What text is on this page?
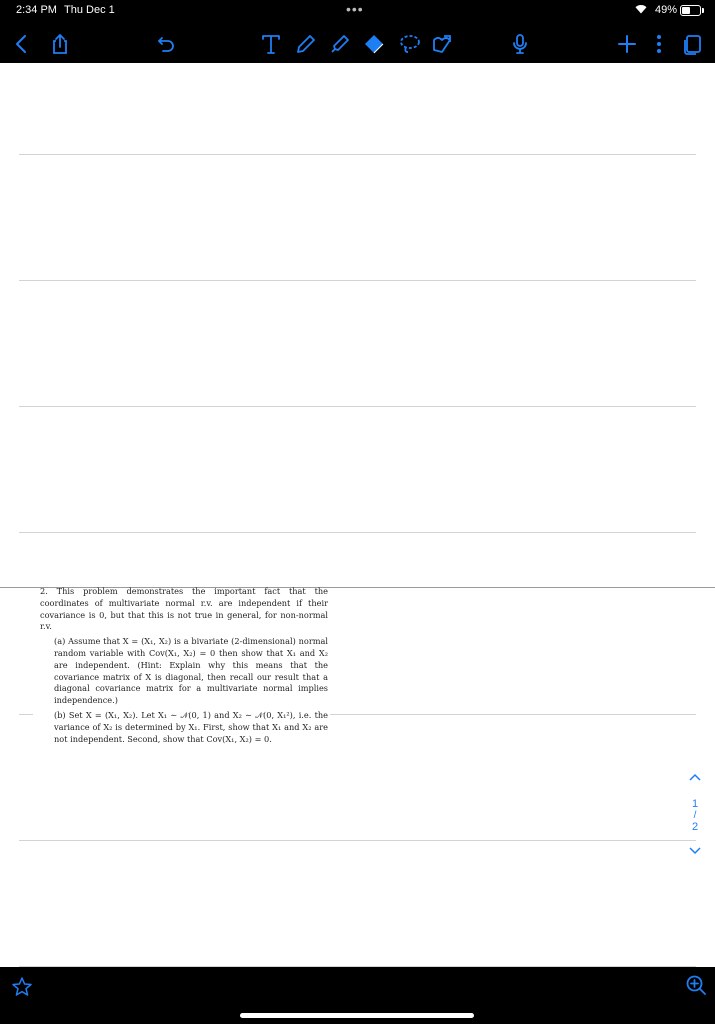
2:34 PM Thu Dec 1	•••	49%

2. This problem demonstrates the important fact that the coordinates of multivariate normal r.v. are independent if their covariance is 0, but that this is not true in general, for non-normal r.v.

(a) Assume that X = (X₁, X₂) is a bivariate (2-dimensional) normal random variable with Cov(X₁, X₂) = 0 then show that X₁ and X₂ are independent. (Hint: Explain why this means that the covariance matrix of X is diagonal, then recall our result that a diagonal covariance matrix for a multivariate normal implies independence.)

(b) Set X = (X₁, X₂). Let X₁ ∼ 𝒩(0, 1) and X₂ ∼ 𝒩(0, X₁²), i.e. the variance of X₂ is determined by X₁. First, show that X₁ and X₂ are not independent. Second, show that Cov(X₁, X₂) = 0.

1
/
2
